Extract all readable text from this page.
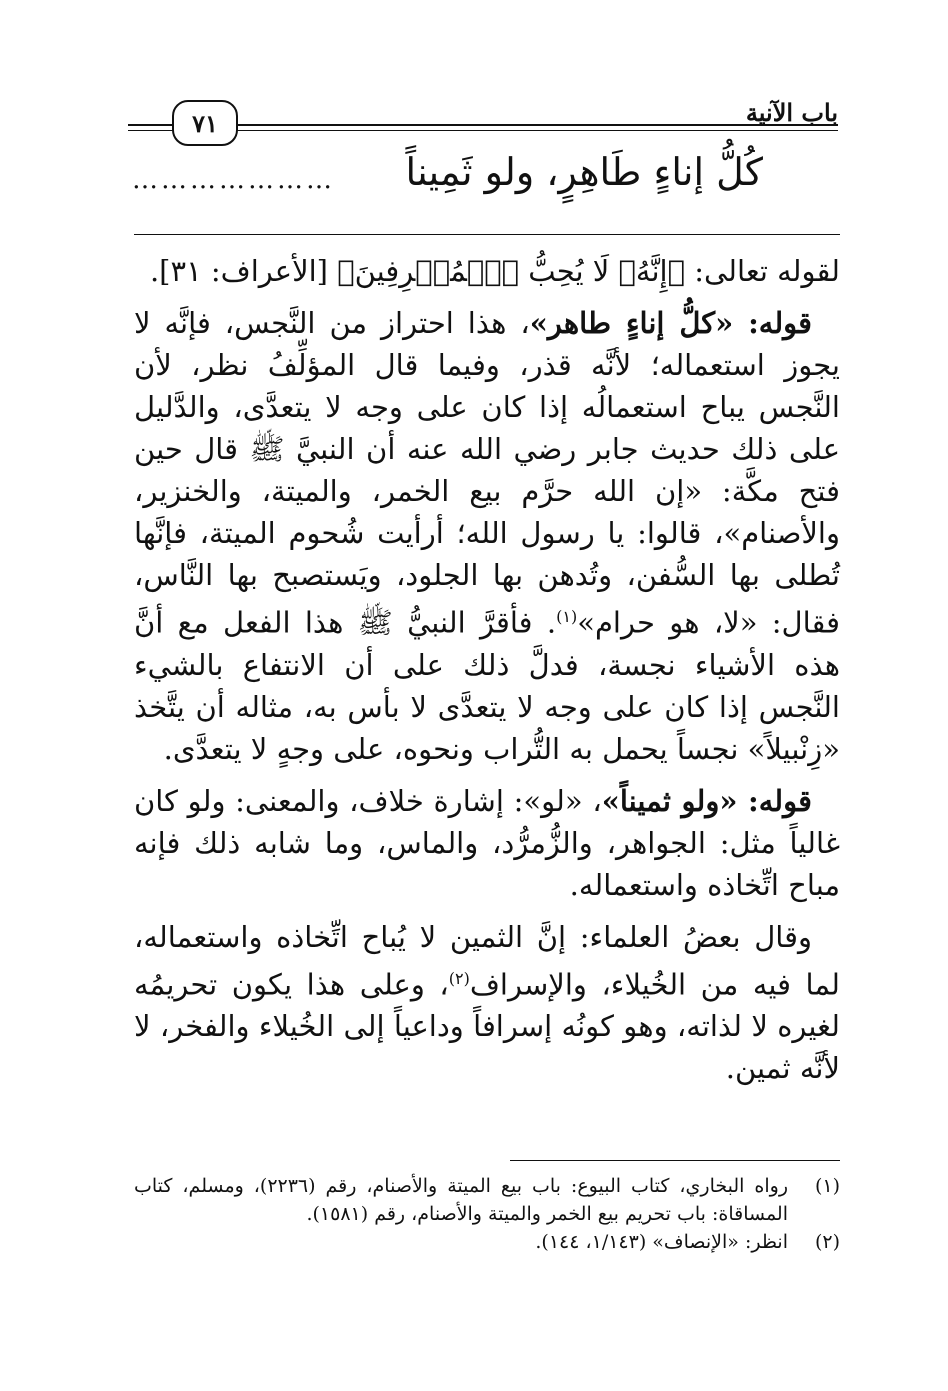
باب الآنية
٧١
كُلُّ إناءٍ طَاهِرٍ، ولو ثَمِيناً
…………………

لقوله تعالى: ﴿إِنَّهُۥ لَا يُحِبُّ ٱلۡمُسۡرِفِينَ﴾ [الأعراف: ٣١].

قوله: «كلُّ إناءٍ طاهر»، هذا احتراز من النَّجس، فإنَّه لا يجوز استعماله؛ لأنَّه قذر، وفيما قال المؤلِّفُ نظر، لأن النَّجس يباح استعمالُه إذا كان على وجه لا يتعدَّى، والدَّليل على ذلك حديث جابر رضي الله عنه أن النبيَّ ﷺ قال حين فتح مكَّة: «إن الله حرَّم بيع الخمر، والميتة، والخنزير، والأصنام»، قالوا: يا رسول الله؛ أرأيت شُحوم الميتة، فإنَّها تُطلى بها السُّفن، وتُدهن بها الجلود، ويَستصبح بها النَّاس، فقال: «لا، هو حرام»$^{(١)}$. فأقرَّ النبيُّ ﷺ هذا الفعل مع أنَّ هذه الأشياء نجسة، فدلَّ ذلك على أن الانتفاع بالشيء النَّجس إذا كان على وجه لا يتعدَّى لا بأس به، مثاله أن يتَّخذ «زِنْبيلاً» نجساً يحمل به التُّراب ونحوه، على وجهٍ لا يتعدَّى.

قوله: «ولو ثميناً»، «لو»: إشارة خلاف، والمعنى: ولو كان غالياً مثل: الجواهر، والزُّمرُّد، والماس، وما شابه ذلك فإنه مباح اتِّخاذه واستعماله.

وقال بعضُ العلماء: إنَّ الثمين لا يُباح اتِّخاذه واستعماله، لما فيه من الخُيلاء، والإسراف$^{(٢)}$، وعلى هذا يكون تحريمُه لغيره لا لذاته، وهو كونُه إسرافاً وداعياً إلى الخُيلاء والفخر، لا لأنَّه ثمين.

(١)
رواه البخاري، كتاب البيوع: باب بيع الميتة والأصنام، رقم (٢٢٣٦)، ومسلم، كتاب المساقاة: باب تحريم بيع الخمر والميتة والأصنام، رقم (١٥٨١).
(٢)
انظر: «الإنصاف» (١/١٤٣، ١٤٤).
